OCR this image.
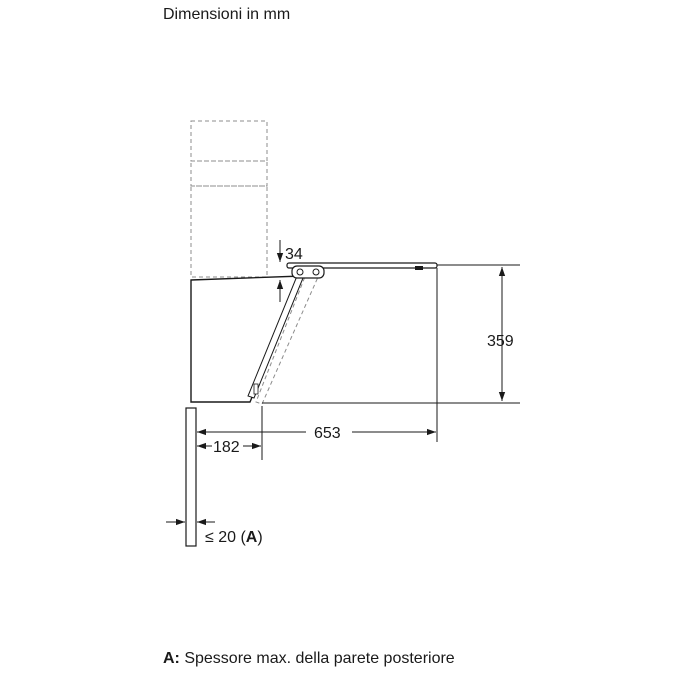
Dimensioni in mm
34
359
653
182
≤ 20 (A)
A: Spessore max. della parete posteriore
